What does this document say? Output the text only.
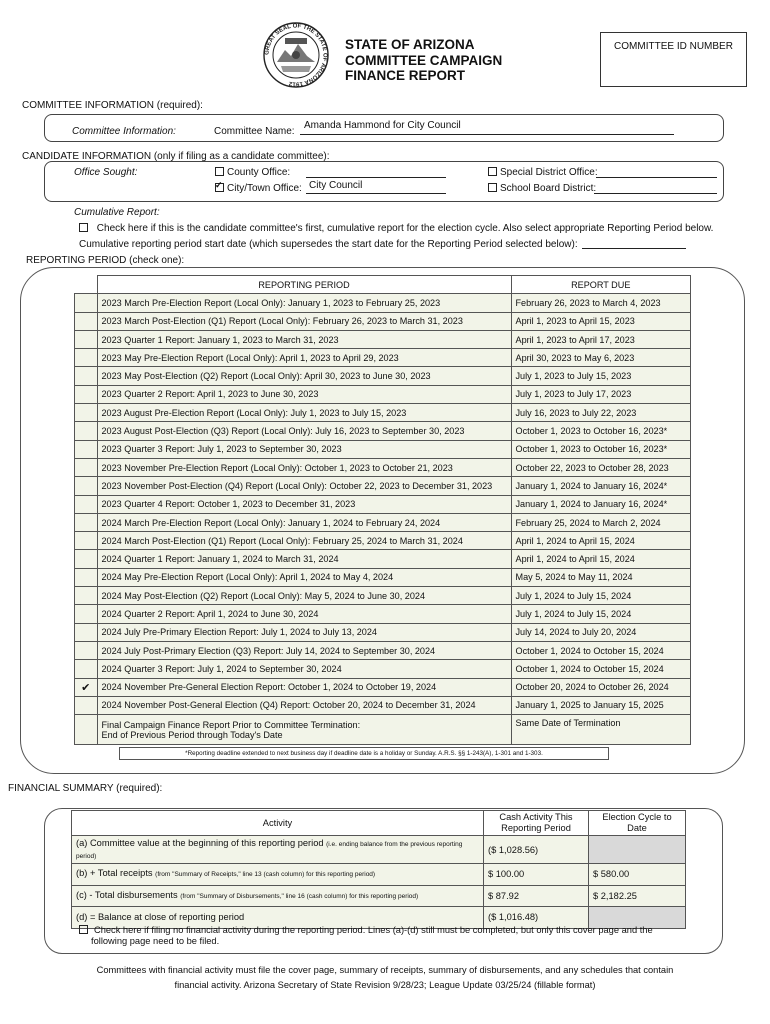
GREAT SEAL OF THE STATE OF ARIZONA 1912
STATE OF ARIZONA
COMMITTEE CAMPAIGN
FINANCE REPORT
COMMITTEE ID NUMBER
COMMITTEE INFORMATION (required):
Committee Information:	Committee Name:
Amanda Hammond for City Council
CANDIDATE INFORMATION (only if filing as a candidate committee):
Office Sought:	County Office:
✓City/Town Office: City Council
Special District Office:
School Board District:
Cumulative Report:
Check here if this is the candidate committee's first, cumulative report for the election cycle. Also select appropriate Reporting Period below.
Cumulative reporting period start date (which supersedes the start date for the Reporting Period selected below):
REPORTING PERIOD (check one):
	REPORTING PERIOD	REPORT DUE
	2023 March Pre-Election Report (Local Only): January 1, 2023 to February 25, 2023	February 26, 2023 to March 4, 2023
	2023 March Post-Election (Q1) Report (Local Only): February 26, 2023 to March 31, 2023	April 1, 2023 to April 15, 2023
	2023 Quarter 1 Report: January 1, 2023 to March 31, 2023	April 1, 2023 to April 17, 2023
	2023 May Pre-Election Report (Local Only): April 1, 2023 to April 29, 2023	April 30, 2023 to May 6, 2023
	2023 May Post-Election (Q2) Report (Local Only): April 30, 2023 to June 30, 2023	July 1, 2023 to July 15, 2023
	2023 Quarter 2 Report: April 1, 2023 to June 30, 2023	July 1, 2023 to July 17, 2023
	2023 August Pre-Election Report (Local Only): July 1, 2023 to July 15, 2023	July 16, 2023 to July 22, 2023
	2023 August Post-Election (Q3) Report (Local Only): July 16, 2023 to September 30, 2023	October 1, 2023 to October 16, 2023*
	2023 Quarter 3 Report: July 1, 2023 to September 30, 2023	October 1, 2023 to October 16, 2023*
	2023 November Pre-Election Report (Local Only): October 1, 2023 to October 21, 2023	October 22, 2023 to October 28, 2023
	2023 November Post-Election (Q4) Report (Local Only): October 22, 2023 to December 31, 2023	January 1, 2024 to January 16, 2024*
	2023 Quarter 4 Report: October 1, 2023 to December 31, 2023	January 1, 2024 to January 16, 2024*
	2024 March Pre-Election Report (Local Only): January 1, 2024 to February 24, 2024	February 25, 2024 to March 2, 2024
	2024 March Post-Election (Q1) Report (Local Only): February 25, 2024 to March 31, 2024	April 1, 2024 to April 15, 2024
	2024 Quarter 1 Report: January 1, 2024 to March 31, 2024	April 1, 2024 to April 15, 2024
	2024 May Pre-Election Report (Local Only): April 1, 2024 to May 4, 2024	May 5, 2024 to May 11, 2024
	2024 May Post-Election (Q2) Report (Local Only): May 5, 2024 to June 30, 2024	July 1, 2024 to July 15, 2024
	2024 Quarter 2 Report: April 1, 2024 to June 30, 2024	July 1, 2024 to July 15, 2024
	2024 July Pre-Primary Election Report: July 1, 2024 to July 13, 2024	July 14, 2024 to July 20, 2024
	2024 July Post-Primary Election (Q3) Report: July 14, 2024 to September 30, 2024	October 1, 2024 to October 15, 2024
	2024 Quarter 3 Report: July 1, 2024 to September 30, 2024	October 1, 2024 to October 15, 2024
✔	2024 November Pre-General Election Report: October 1, 2024 to October 19, 2024	October 20, 2024 to October 26, 2024
	2024 November Post-General Election (Q4) Report: October 20, 2024 to December 31, 2024	January 1, 2025 to January 15, 2025

	Final Campaign Finance Report Prior to Committee Termination:
End of Previous Period through Today's Date	Same Date of Termination

	*Reporting deadline extended to next business day if deadline date is a holiday or Sunday. A.R.S. §§ 1-243(A), 1-301 and 1-303.	
FINANCIAL SUMMARY (required):
Activity	Cash Activity This Reporting Period	Election Cycle to Date
(a) Committee value at the beginning of this reporting period (i.e. ending balance from the previous reporting period)	($ 1,028.56)	
(b) + Total receipts (from "Summary of Receipts," line 13 (cash column) for this reporting period)	$ 100.00	$ 580.00
(c) - Total disbursements (from "Summary of Disbursements," line 16 (cash column) for this reporting period)	$ 87.92	$ 2,182.25
(d) = Balance at close of reporting period	($ 1,016.48)	
Check here if filing no financial activity during the reporting period. Lines (a)-(d) still must be completed, but only this cover page and the
following page need to be filed.
Committees with financial activity must file the cover page, summary of receipts, summary of disbursements, and any schedules that contain
financial activity. Arizona Secretary of State Revision 9/28/23; League Update 03/25/24 (fillable format)
